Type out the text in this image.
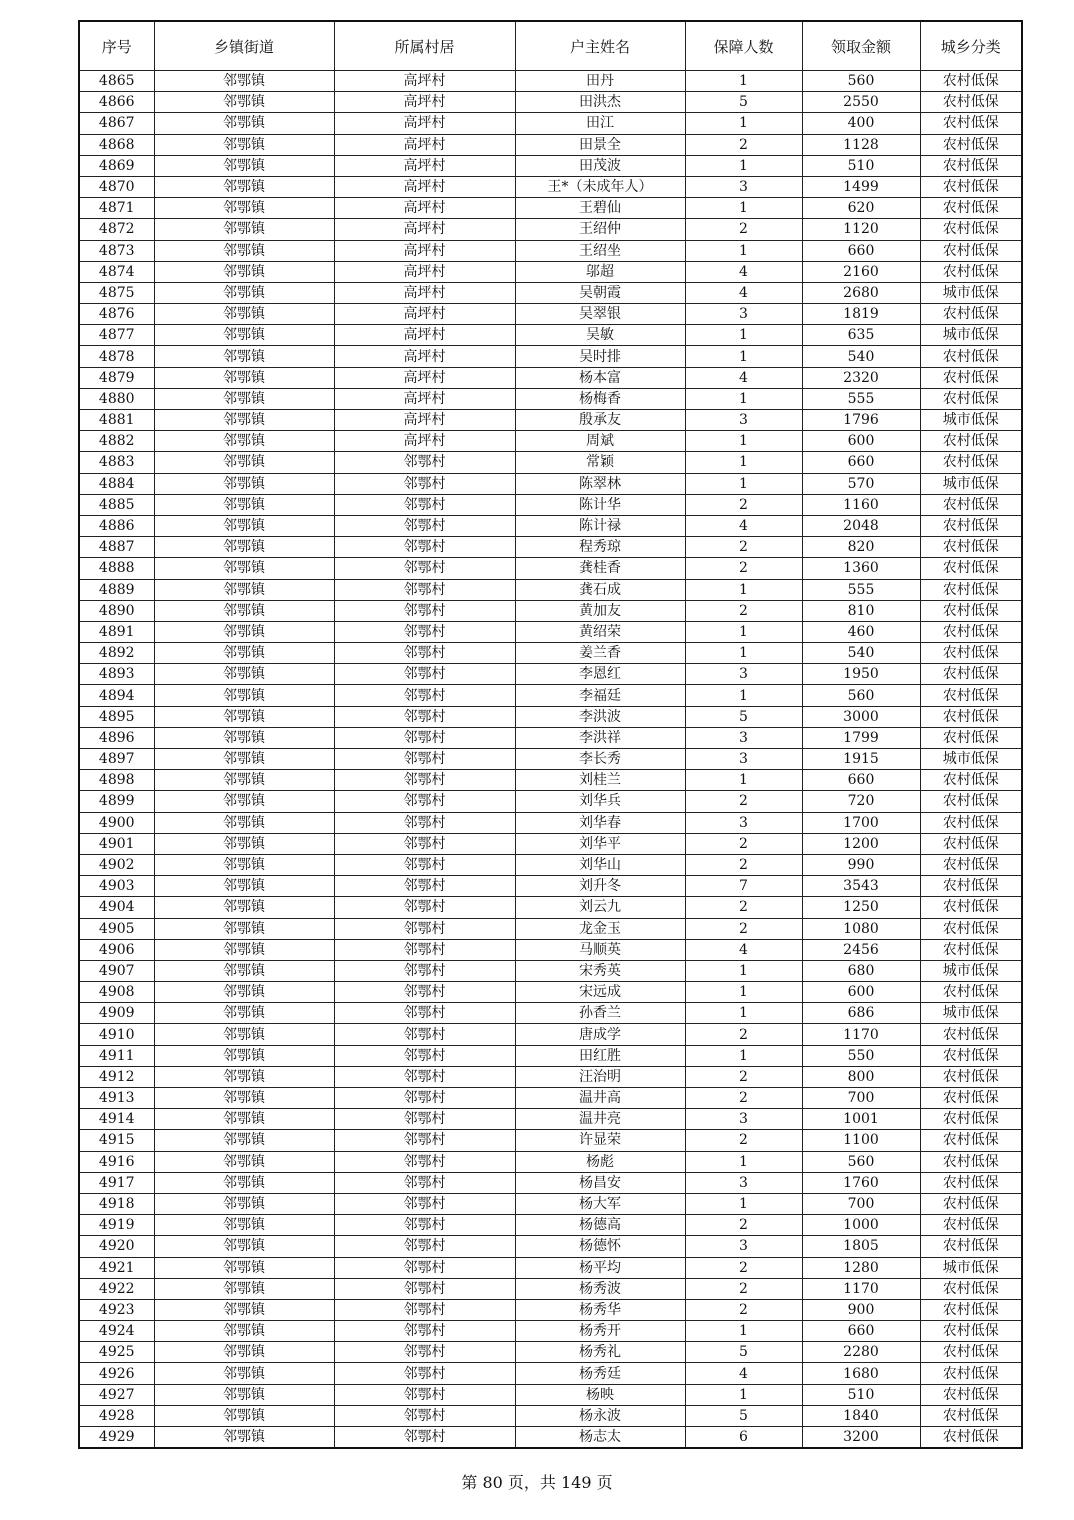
序号	乡镇街道	所属村居	户主姓名	保障人数	领取金额	城乡分类
4865	邻鄂镇	高坪村	田丹	1	560	农村低保
4866	邻鄂镇	高坪村	田洪杰	5	2550	农村低保
4867	邻鄂镇	高坪村	田江	1	400	农村低保
4868	邻鄂镇	高坪村	田景全	2	1128	农村低保
4869	邻鄂镇	高坪村	田茂波	1	510	农村低保
4870	邻鄂镇	高坪村	王*（未成年人）	3	1499	农村低保
4871	邻鄂镇	高坪村	王碧仙	1	620	农村低保
4872	邻鄂镇	高坪村	王绍仲	2	1120	农村低保
4873	邻鄂镇	高坪村	王绍坐	1	660	农村低保
4874	邻鄂镇	高坪村	邬超	4	2160	农村低保
4875	邻鄂镇	高坪村	吴朝霞	4	2680	城市低保
4876	邻鄂镇	高坪村	吴翠银	3	1819	农村低保
4877	邻鄂镇	高坪村	吴敏	1	635	城市低保
4878	邻鄂镇	高坪村	吴时排	1	540	农村低保
4879	邻鄂镇	高坪村	杨本富	4	2320	农村低保
4880	邻鄂镇	高坪村	杨梅香	1	555	农村低保
4881	邻鄂镇	高坪村	殷承友	3	1796	城市低保
4882	邻鄂镇	高坪村	周斌	1	600	农村低保
4883	邻鄂镇	邻鄂村	常颖	1	660	农村低保
4884	邻鄂镇	邻鄂村	陈翠林	1	570	城市低保
4885	邻鄂镇	邻鄂村	陈计华	2	1160	农村低保
4886	邻鄂镇	邻鄂村	陈计禄	4	2048	农村低保
4887	邻鄂镇	邻鄂村	程秀琼	2	820	农村低保
4888	邻鄂镇	邻鄂村	龚桂香	2	1360	农村低保
4889	邻鄂镇	邻鄂村	龚石成	1	555	农村低保
4890	邻鄂镇	邻鄂村	黄加友	2	810	农村低保
4891	邻鄂镇	邻鄂村	黄绍荣	1	460	农村低保
4892	邻鄂镇	邻鄂村	姜兰香	1	540	农村低保
4893	邻鄂镇	邻鄂村	李恩红	3	1950	农村低保
4894	邻鄂镇	邻鄂村	李福廷	1	560	农村低保
4895	邻鄂镇	邻鄂村	李洪波	5	3000	农村低保
4896	邻鄂镇	邻鄂村	李洪祥	3	1799	农村低保
4897	邻鄂镇	邻鄂村	李长秀	3	1915	城市低保
4898	邻鄂镇	邻鄂村	刘桂兰	1	660	农村低保
4899	邻鄂镇	邻鄂村	刘华兵	2	720	农村低保
4900	邻鄂镇	邻鄂村	刘华春	3	1700	农村低保
4901	邻鄂镇	邻鄂村	刘华平	2	1200	农村低保
4902	邻鄂镇	邻鄂村	刘华山	2	990	农村低保
4903	邻鄂镇	邻鄂村	刘升冬	7	3543	农村低保
4904	邻鄂镇	邻鄂村	刘云九	2	1250	农村低保
4905	邻鄂镇	邻鄂村	龙金玉	2	1080	农村低保
4906	邻鄂镇	邻鄂村	马顺英	4	2456	农村低保
4907	邻鄂镇	邻鄂村	宋秀英	1	680	城市低保
4908	邻鄂镇	邻鄂村	宋远成	1	600	农村低保
4909	邻鄂镇	邻鄂村	孙香兰	1	686	城市低保
4910	邻鄂镇	邻鄂村	唐成学	2	1170	农村低保
4911	邻鄂镇	邻鄂村	田红胜	1	550	农村低保
4912	邻鄂镇	邻鄂村	汪治明	2	800	农村低保
4913	邻鄂镇	邻鄂村	温井高	2	700	农村低保
4914	邻鄂镇	邻鄂村	温井亮	3	1001	农村低保
4915	邻鄂镇	邻鄂村	许显荣	2	1100	农村低保
4916	邻鄂镇	邻鄂村	杨彪	1	560	农村低保
4917	邻鄂镇	邻鄂村	杨昌安	3	1760	农村低保
4918	邻鄂镇	邻鄂村	杨大军	1	700	农村低保
4919	邻鄂镇	邻鄂村	杨德高	2	1000	农村低保
4920	邻鄂镇	邻鄂村	杨德怀	3	1805	农村低保
4921	邻鄂镇	邻鄂村	杨平均	2	1280	城市低保
4922	邻鄂镇	邻鄂村	杨秀波	2	1170	农村低保
4923	邻鄂镇	邻鄂村	杨秀华	2	900	农村低保
4924	邻鄂镇	邻鄂村	杨秀开	1	660	农村低保
4925	邻鄂镇	邻鄂村	杨秀礼	5	2280	农村低保
4926	邻鄂镇	邻鄂村	杨秀廷	4	1680	农村低保
4927	邻鄂镇	邻鄂村	杨映	1	510	农村低保
4928	邻鄂镇	邻鄂村	杨永波	5	1840	农村低保
4929	邻鄂镇	邻鄂村	杨志太	6	3200	农村低保
第 80 页，共 149 页
